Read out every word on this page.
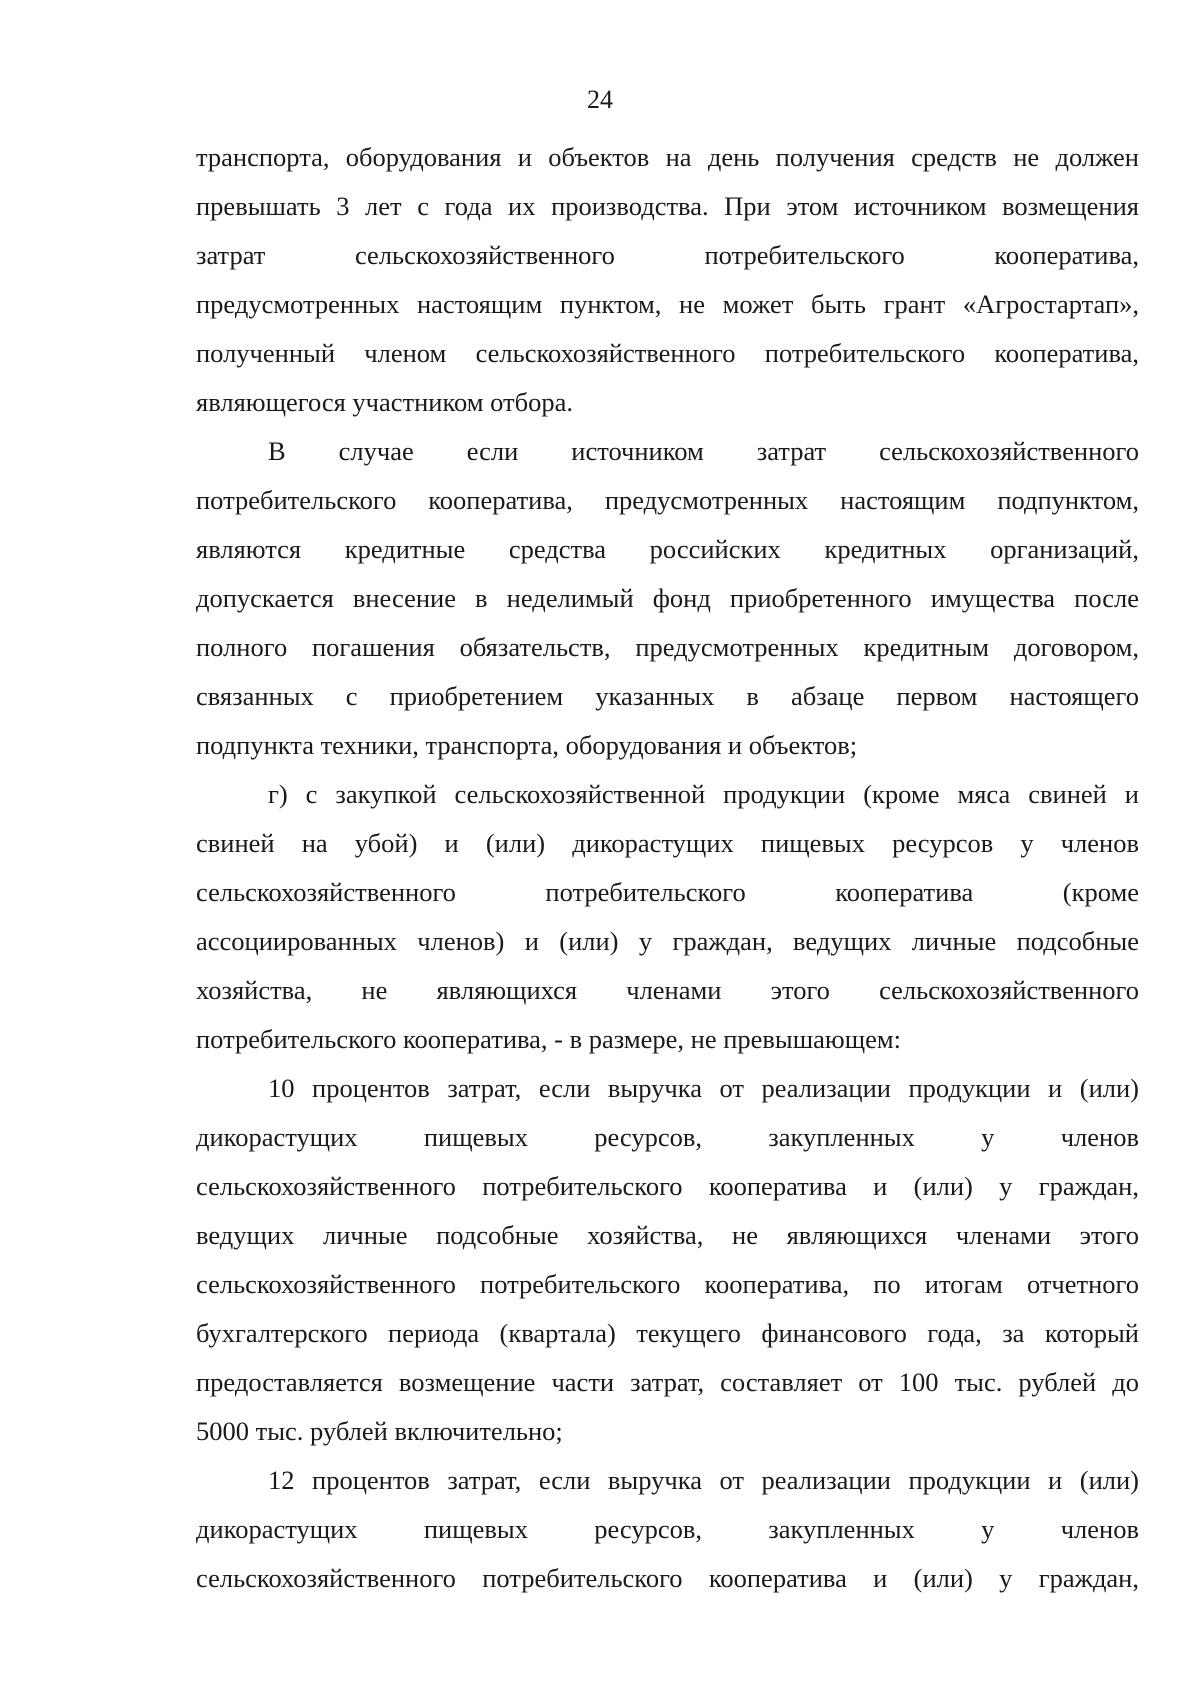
24
транспорта, оборудования и объектов на день получения средств не должен
превышать 3 лет с года их производства. При этом источником возмещения
затрат сельскохозяйственного потребительского кооператива,
предусмотренных настоящим пунктом, не может быть грант «Агростартап»,
полученный членом сельскохозяйственного потребительского кооператива,
являющегося участником отбора.
В случае если источником затрат сельскохозяйственного
потребительского кооператива, предусмотренных настоящим подпунктом,
являются кредитные средства российских кредитных организаций,
допускается внесение в неделимый фонд приобретенного имущества после
полного погашения обязательств, предусмотренных кредитным договором,
связанных с приобретением указанных в абзаце первом настоящего
подпункта техники, транспорта, оборудования и объектов;
г) с закупкой сельскохозяйственной продукции (кроме мяса свиней и
свиней на убой) и (или) дикорастущих пищевых ресурсов у членов
сельскохозяйственного потребительского кооператива (кроме
ассоциированных членов) и (или) у граждан, ведущих личные подсобные
хозяйства, не являющихся членами этого сельскохозяйственного
потребительского кооператива, - в размере, не превышающем:
10 процентов затрат, если выручка от реализации продукции и (или)
дикорастущих пищевых ресурсов, закупленных у членов
сельскохозяйственного потребительского кооператива и (или) у граждан,
ведущих личные подсобные хозяйства, не являющихся членами этого
сельскохозяйственного потребительского кооператива, по итогам отчетного
бухгалтерского периода (квартала) текущего финансового года, за который
предоставляется возмещение части затрат, составляет от 100 тыс. рублей до
5000 тыс. рублей включительно;
12 процентов затрат, если выручка от реализации продукции и (или)
дикорастущих пищевых ресурсов, закупленных у членов
сельскохозяйственного потребительского кооператива и (или) у граждан,
